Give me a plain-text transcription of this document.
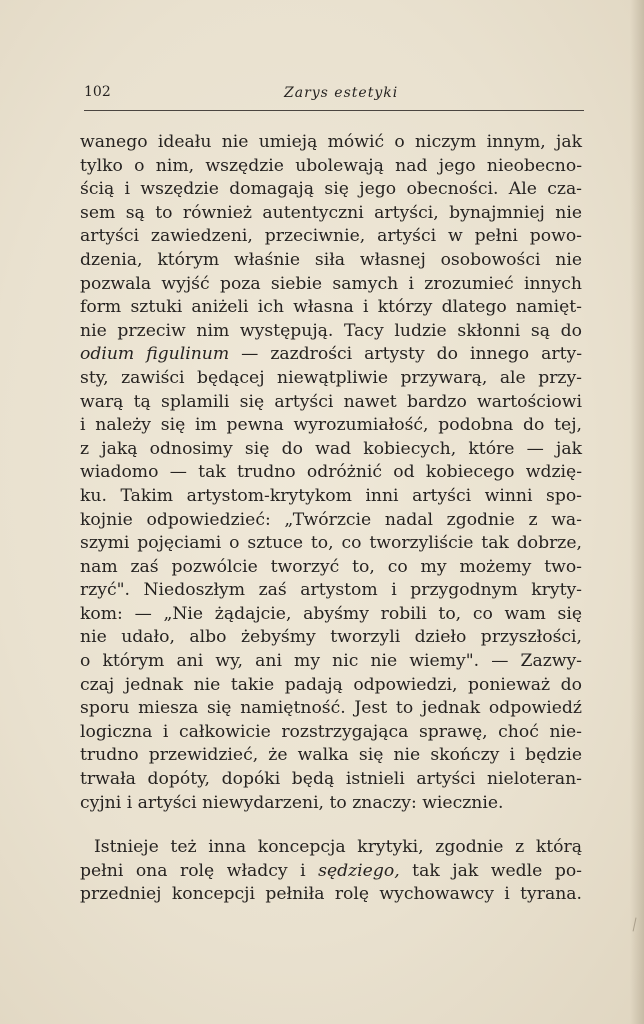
102	Zarys estetyki
wanego ideału nie umieją mówić o niczym innym, jak
tylko o nim, wszędzie ubolewają nad jego nieobecno-
ścią i wszędzie domagają się jego obecności. Ale cza-
sem są to również autentyczni artyści, bynajmniej nie
artyści zawiedzeni, przeciwnie, artyści w pełni powo-
dzenia, którym właśnie siła własnej osobowości nie
pozwala wyjść poza siebie samych i zrozumieć innych
form sztuki aniżeli ich własna i którzy dlatego namięt-
nie przeciw nim występują. Tacy ludzie skłonni są do
odium figulinum — zazdrości artysty do innego arty-
sty, zawiści będącej niewątpliwie przywarą, ale przy-
warą tą splamili się artyści nawet bardzo wartościowi
i należy się im pewna wyrozumiałość, podobna do tej,
z jaką odnosimy się do wad kobiecych, które — jak
wiadomo — tak trudno odróżnić od kobiecego wdzię-
ku. Takim artystom-krytykom inni artyści winni spo-
kojnie odpowiedzieć: „Twórzcie nadal zgodnie z wa-
szymi pojęciami o sztuce to, co tworzyliście tak dobrze,
nam zaś pozwólcie tworzyć to, co my możemy two-
rzyć". Niedoszłym zaś artystom i przygodnym kryty-
kom: — „Nie żądajcie, abyśmy robili to, co wam się
nie udało, albo żebyśmy tworzyli dzieło przyszłości,
o którym ani wy, ani my nic nie wiemy". — Zazwy-
czaj jednak nie takie padają odpowiedzi, ponieważ do
sporu miesza się namiętność. Jest to jednak odpowiedź
logiczna i całkowicie rozstrzygająca sprawę, choć nie-
trudno przewidzieć, że walka się nie skończy i będzie
trwała dopóty, dopóki będą istnieli artyści nieloteran-
cyjni i artyści niewydarzeni, to znaczy: wiecznie.
Istnieje też inna koncepcja krytyki, zgodnie z którą
pełni ona rolę władcy i sędziego, tak jak wedle po-
przedniej koncepcji pełniła rolę wychowawcy i tyrana.
